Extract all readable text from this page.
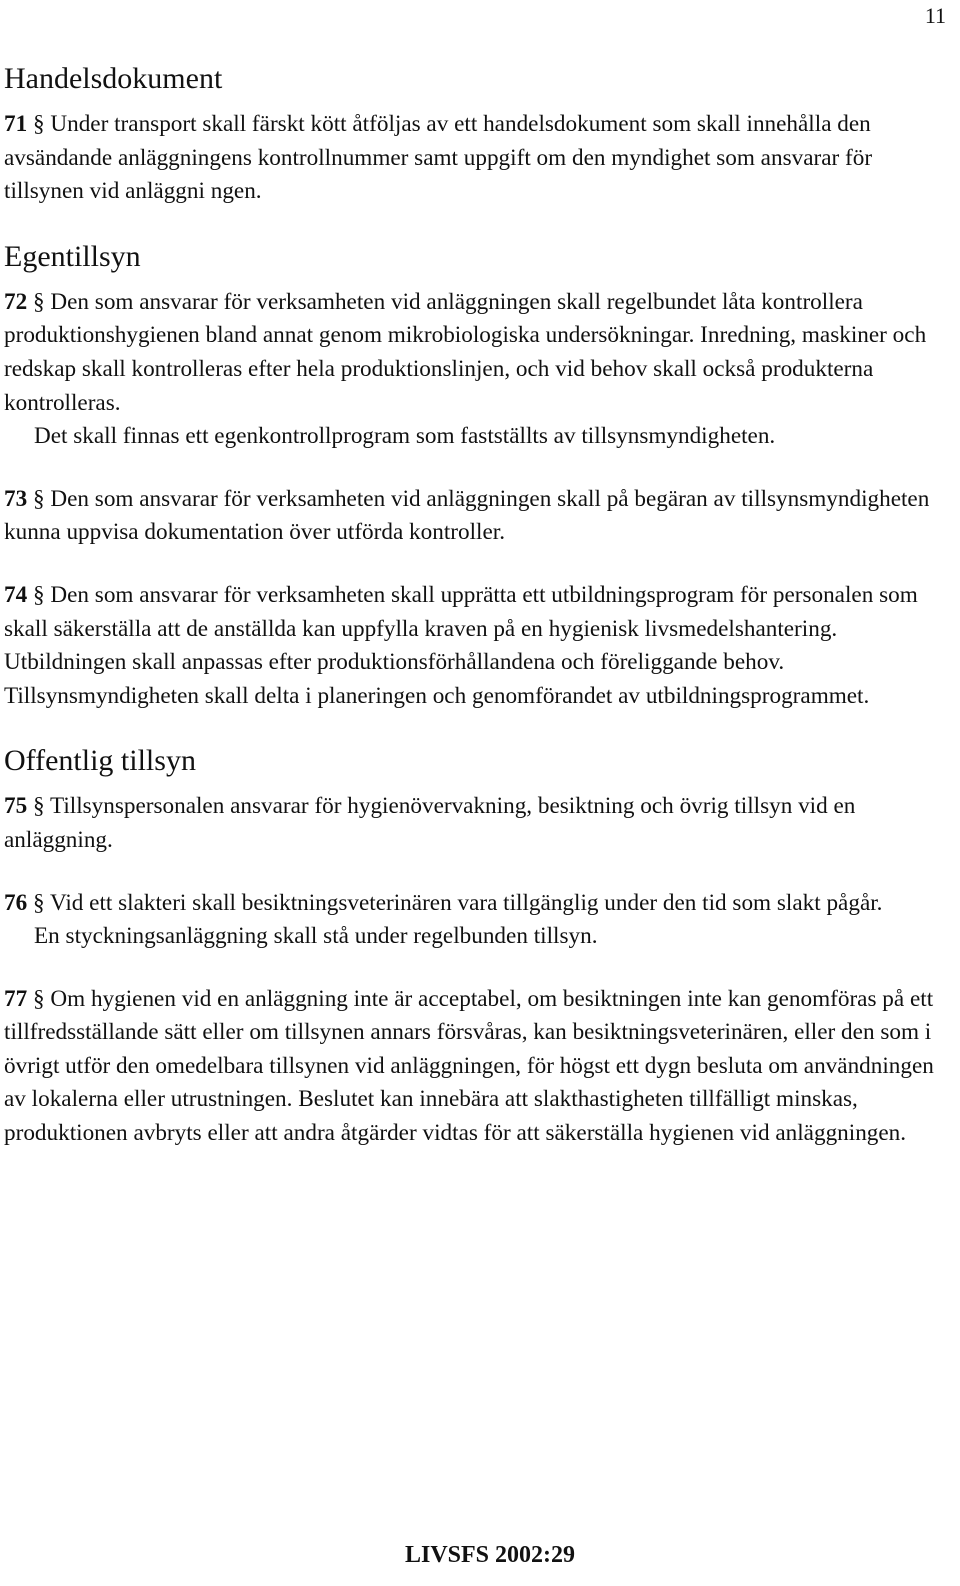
11
Handelsdokument

71 § Under transport skall färskt kött åtföljas av ett handelsdokument som skall innehålla den avsändande anläggningens kontrollnummer samt uppgift om den myndighet som ansvarar för tillsynen vid anläggni ngen.

Egentillsyn

72 § Den som ansvarar för verksamheten vid anläggningen skall regelbundet låta kontrollera produktionshygienen bland annat genom mikrobiologiska undersökningar. Inredning, maskiner och redskap skall kontrolleras efter hela produktionslinjen, och vid behov skall också produkterna kontrolleras.

Det skall finnas ett egenkontrollprogram som fastställts av tillsynsmyndigheten.

73 § Den som ansvarar för verksamheten vid anläggningen skall på begäran av tillsynsmyndigheten kunna uppvisa dokumentation över utförda kontroller.

74 § Den som ansvarar för verksamheten skall upprätta ett utbildningsprogram för personalen som skall säkerställa att de anställda kan uppfylla kraven på en hygienisk livsmedelshantering. Utbildningen skall anpassas efter produktionsförhållandena och föreliggande behov. Tillsynsmyndigheten skall delta i planeringen och genomförandet av utbildningsprogrammet.

Offentlig tillsyn

75 § Tillsynspersonalen ansvarar för hygienövervakning, besiktning och övrig tillsyn vid en anläggning.

76 § Vid ett slakteri skall besiktningsveterinären vara tillgänglig under den tid som slakt pågår.

En styckningsanläggning skall stå under regelbunden tillsyn.

77 § Om hygienen vid en anläggning inte är acceptabel, om besiktningen inte kan genomföras på ett tillfredsställande sätt eller om tillsynen annars försvåras, kan besiktningsveterinären, eller den som i övrigt utför den omedelbara tillsynen vid anläggningen, för högst ett dygn besluta om användningen av lokalerna eller utrustningen. Beslutet kan innebära att slakthastigheten tillfälligt minskas, produktionen avbryts eller att andra åtgärder vidtas för att säkerställa hygienen vid anläggningen.

LIVSFS 2002:29
